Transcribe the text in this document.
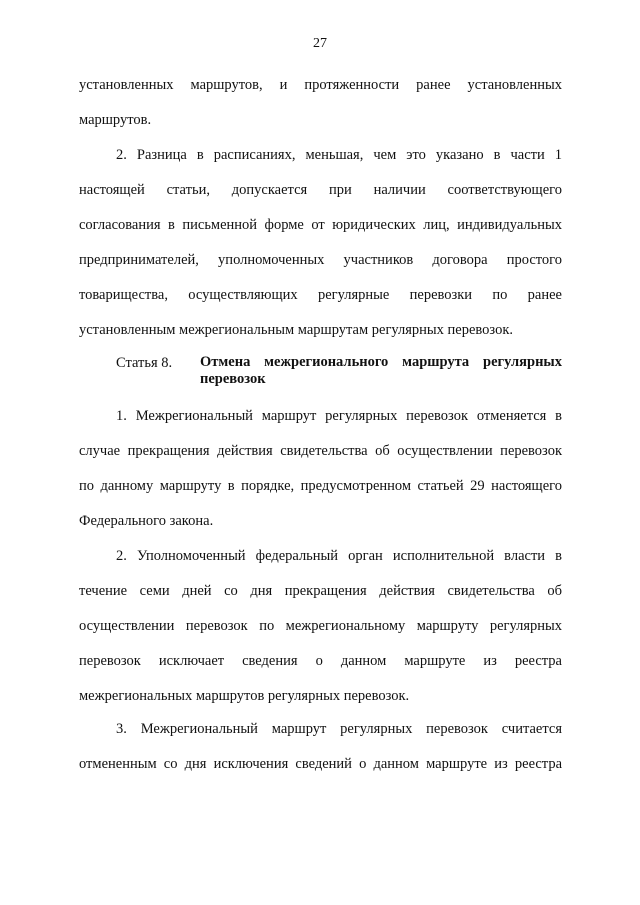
27
установленных маршрутов, и протяженности ранее установленных
маршрутов.
2. Разница в расписаниях, меньшая, чем это указано в части 1
настоящей статьи, допускается при наличии соответствующего
согласования в письменной форме от юридических лиц, индивидуальных
предпринимателей, уполномоченных участников договора простого
товарищества, осуществляющих регулярные перевозки по ранее
установленным межрегиональным маршрутам регулярных перевозок.
Статья 8. Отмена межрегионального маршрута регулярных
перевозок
1. Межрегиональный маршрут регулярных перевозок отменяется в
случае прекращения действия свидетельства об осуществлении перевозок
по данному маршруту в порядке, предусмотренном статьей 29 настоящего
Федерального закона.
2. Уполномоченный федеральный орган исполнительной власти в
течение семи дней со дня прекращения действия свидетельства об
осуществлении перевозок по межрегиональному маршруту регулярных
перевозок исключает сведения о данном маршруте из реестра
межрегиональных маршрутов регулярных перевозок.
3. Межрегиональный маршрут регулярных перевозок считается
отмененным со дня исключения сведений о данном маршруте из реестра
